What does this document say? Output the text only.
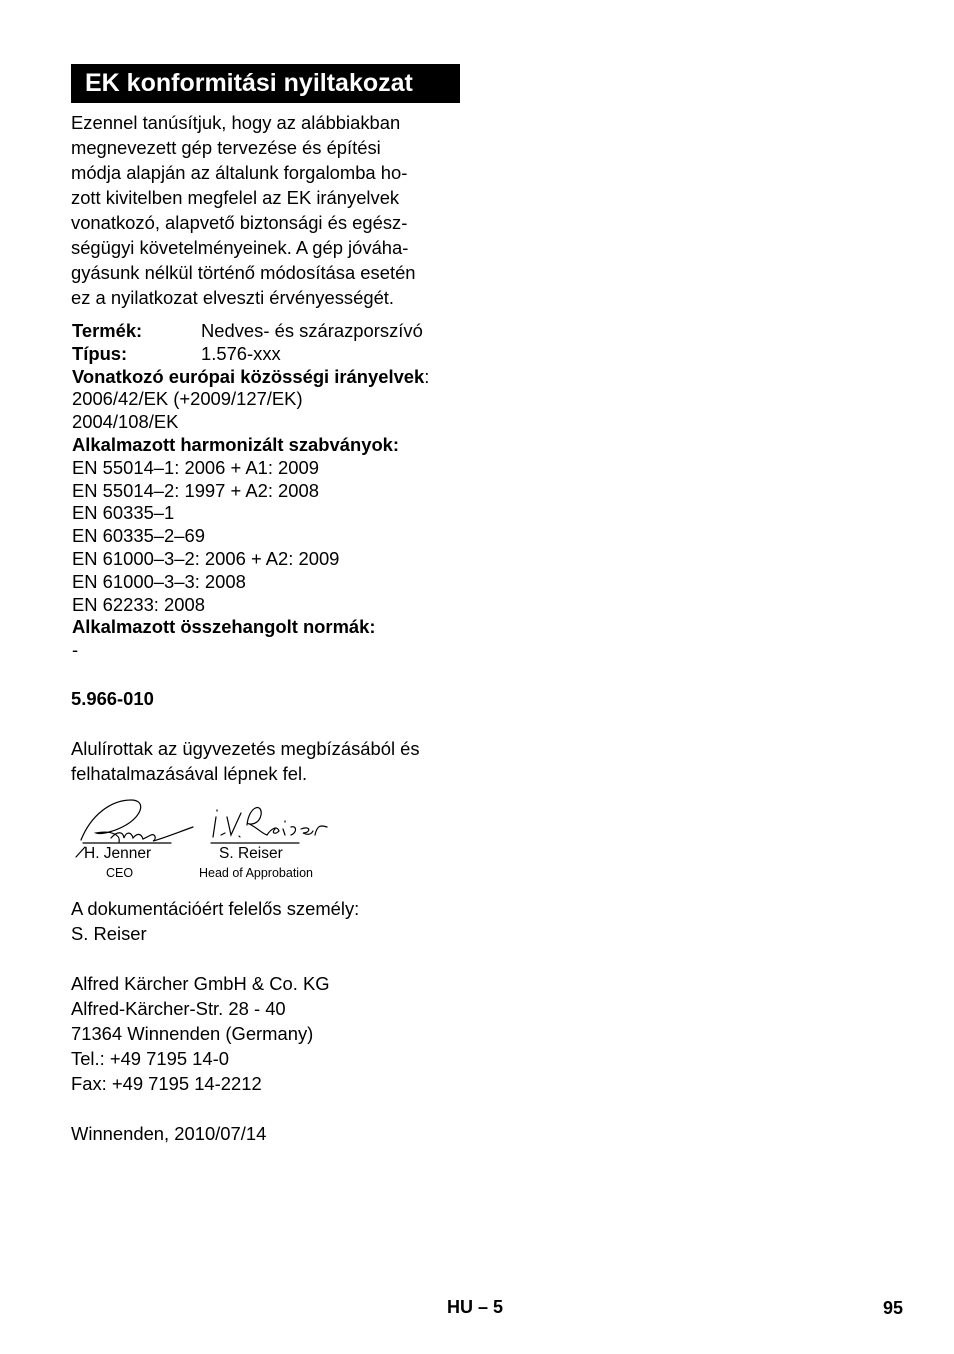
EK konformitási nyiltakozat
Ezennel tanúsítjuk, hogy az alábbiakban
megnevezett gép tervezése és építési
módja alapján az általunk forgalomba ho-
zott kivitelben megfelel az EK irányelvek
vonatkozó, alapvető biztonsági és egész-
ségügyi követelményeinek. A gép jóváha-
gyásunk nélkül történő módosítása esetén
ez a nyilatkozat elveszti érvényességét.
Termék:	Nedves- és szárazporszívó
Típus:	1.576-xxx
Vonatkozó európai közösségi irányelvek:
2006/42/EK (+2009/127/EK)
2004/108/EK
Alkalmazott harmonizált szabványok:
EN 55014–1: 2006 + A1: 2009
EN 55014–2: 1997 + A2: 2008
EN 60335–1
EN 60335–2–69
EN 61000–3–2: 2006 + A2: 2009
EN 61000–3–3: 2008
EN 62233: 2008
Alkalmazott összehangolt normák:
-
5.966-010
Alulírottak az ügyvezetés megbízásából és
felhatalmazásával lépnek fel.
H. Jenner
CEO
S. Reiser
Head of Approbation
A dokumentációért felelős személy:
S. Reiser
Alfred Kärcher GmbH & Co. KG
Alfred-Kärcher-Str. 28 - 40
71364 Winnenden (Germany)
Tel.: +49 7195 14-0
Fax: +49 7195 14-2212
Winnenden, 2010/07/14
HU – 5	95
